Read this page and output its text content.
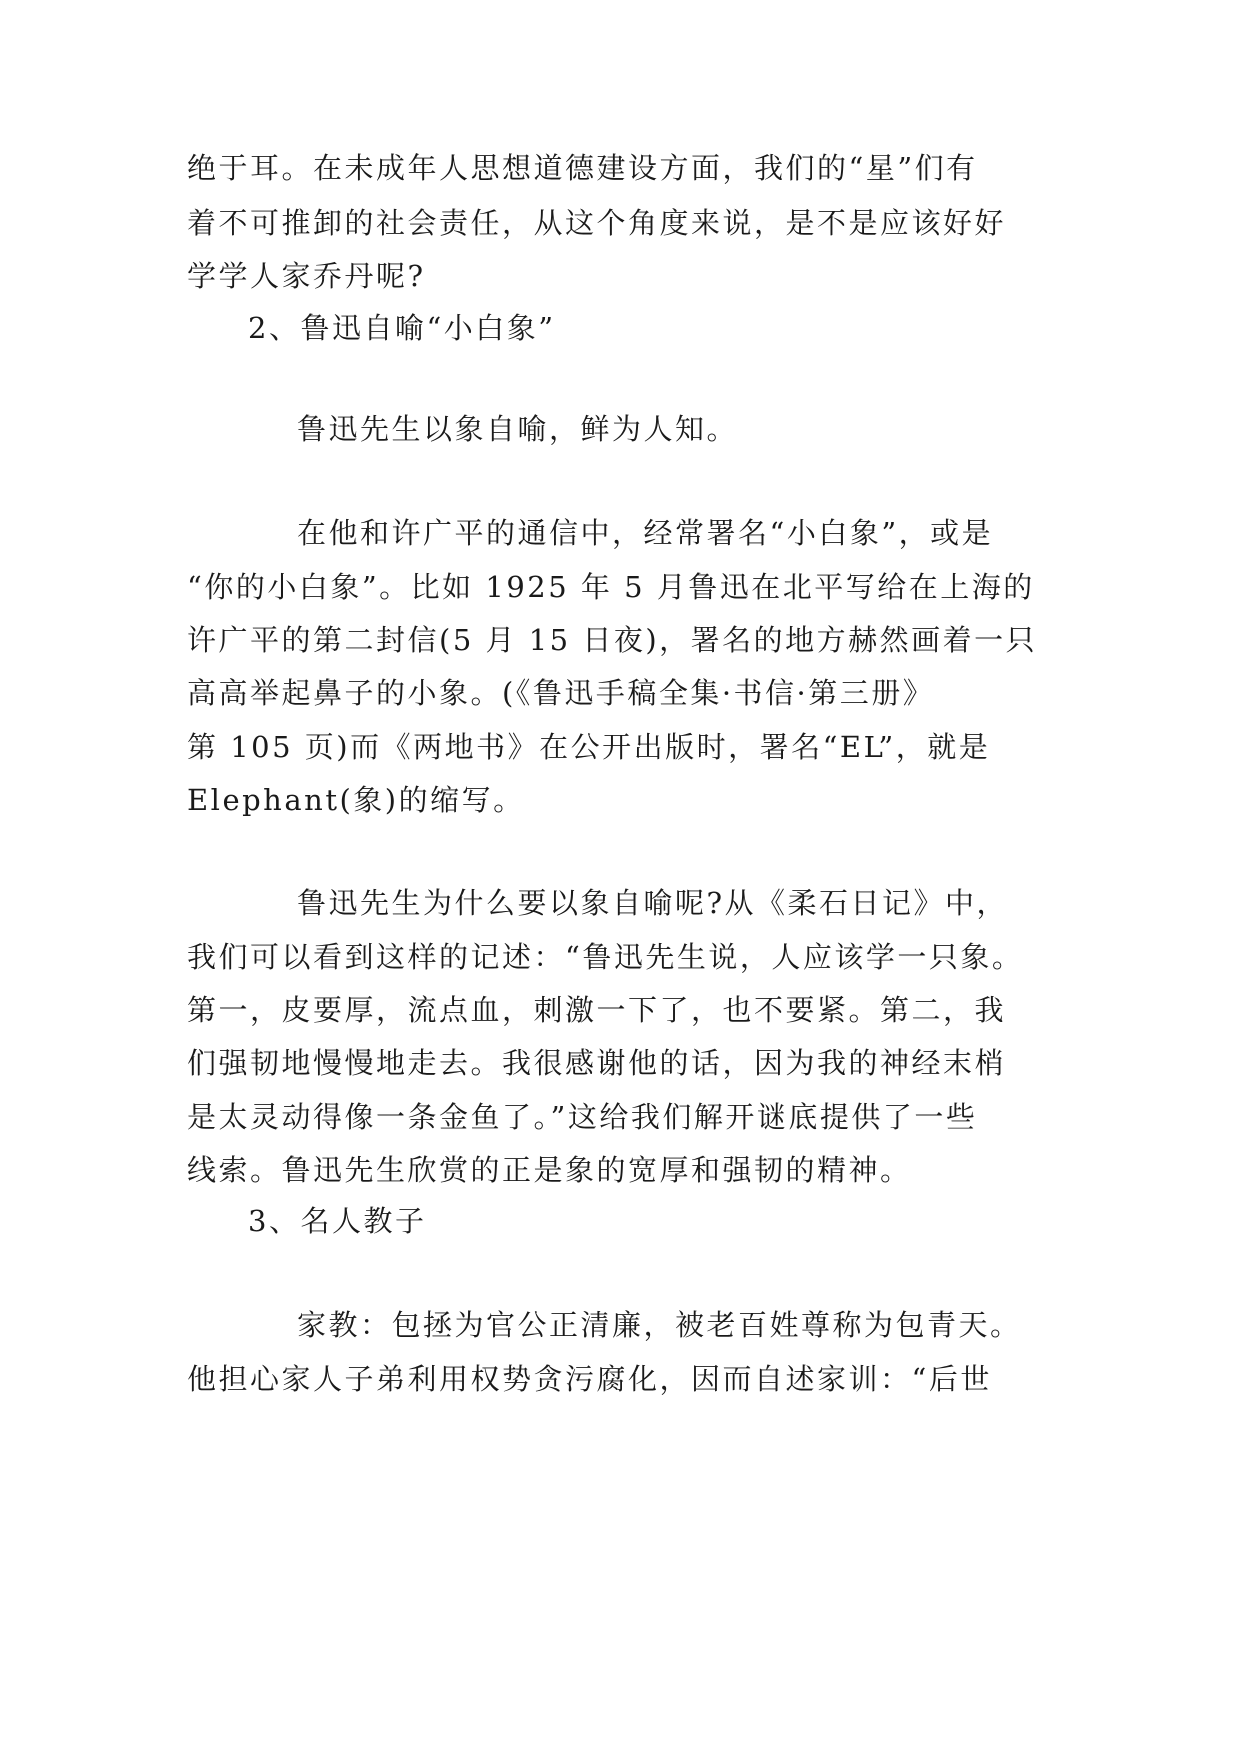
绝于耳。在未成年人思想道德建设方面，我们的“星”们有
着不可推卸的社会责任，从这个角度来说，是不是应该好好
学学人家乔丹呢?
2、鲁迅自喻“小白象”
鲁迅先生以象自喻，鲜为人知。
在他和许广平的通信中，经常署名“小白象”，或是
“你的小白象”。比如 1925 年 5 月鲁迅在北平写给在上海的
许广平的第二封信(5 月 15 日夜)，署名的地方赫然画着一只
高高举起鼻子的小象。(《鲁迅手稿全集·书信·第三册》
第 105 页)而《两地书》在公开出版时，署名“EL”，就是
Elephant(象)的缩写。
鲁迅先生为什么要以象自喻呢?从《柔石日记》中，
我们可以看到这样的记述：“鲁迅先生说，人应该学一只象。
第一，皮要厚，流点血，刺激一下了，也不要紧。第二，我
们强韧地慢慢地走去。我很感谢他的话，因为我的神经末梢
是太灵动得像一条金鱼了。”这给我们解开谜底提供了一些
线索。鲁迅先生欣赏的正是象的宽厚和强韧的精神。
3、名人教子
家教：包拯为官公正清廉，被老百姓尊称为包青天。
他担心家人子弟利用权势贪污腐化，因而自述家训：“后世
